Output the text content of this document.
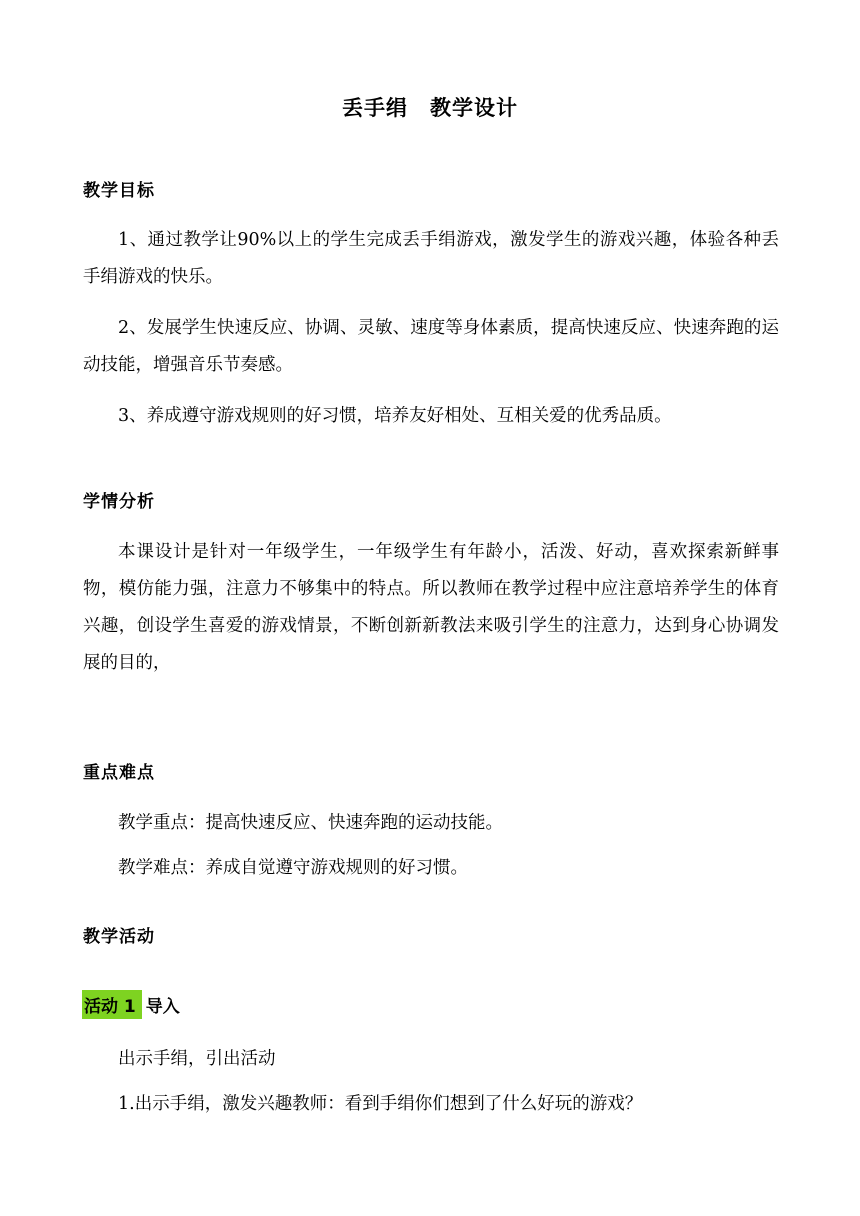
丢手绢　教学设计
教学目标
1、通过教学让90%以上的学生完成丢手绢游戏，激发学生的游戏兴趣，体验各种丢手绢游戏的快乐。
2、发展学生快速反应、协调、灵敏、速度等身体素质，提高快速反应、快速奔跑的运动技能，增强音乐节奏感。
3、养成遵守游戏规则的好习惯，培养友好相处、互相关爱的优秀品质。
学情分析
本课设计是针对一年级学生，一年级学生有年龄小，活泼、好动，喜欢探索新鲜事物，模仿能力强，注意力不够集中的特点。所以教师在教学过程中应注意培养学生的体育兴趣，创设学生喜爱的游戏情景，不断创新新教法来吸引学生的注意力，达到身心协调发展的目的，
重点难点
教学重点：提高快速反应、快速奔跑的运动技能。
教学难点：养成自觉遵守游戏规则的好习惯。
教学活动
活动 1 导入
出示手绢，引出活动
1.出示手绢，激发兴趣教师：看到手绢你们想到了什么好玩的游戏？
